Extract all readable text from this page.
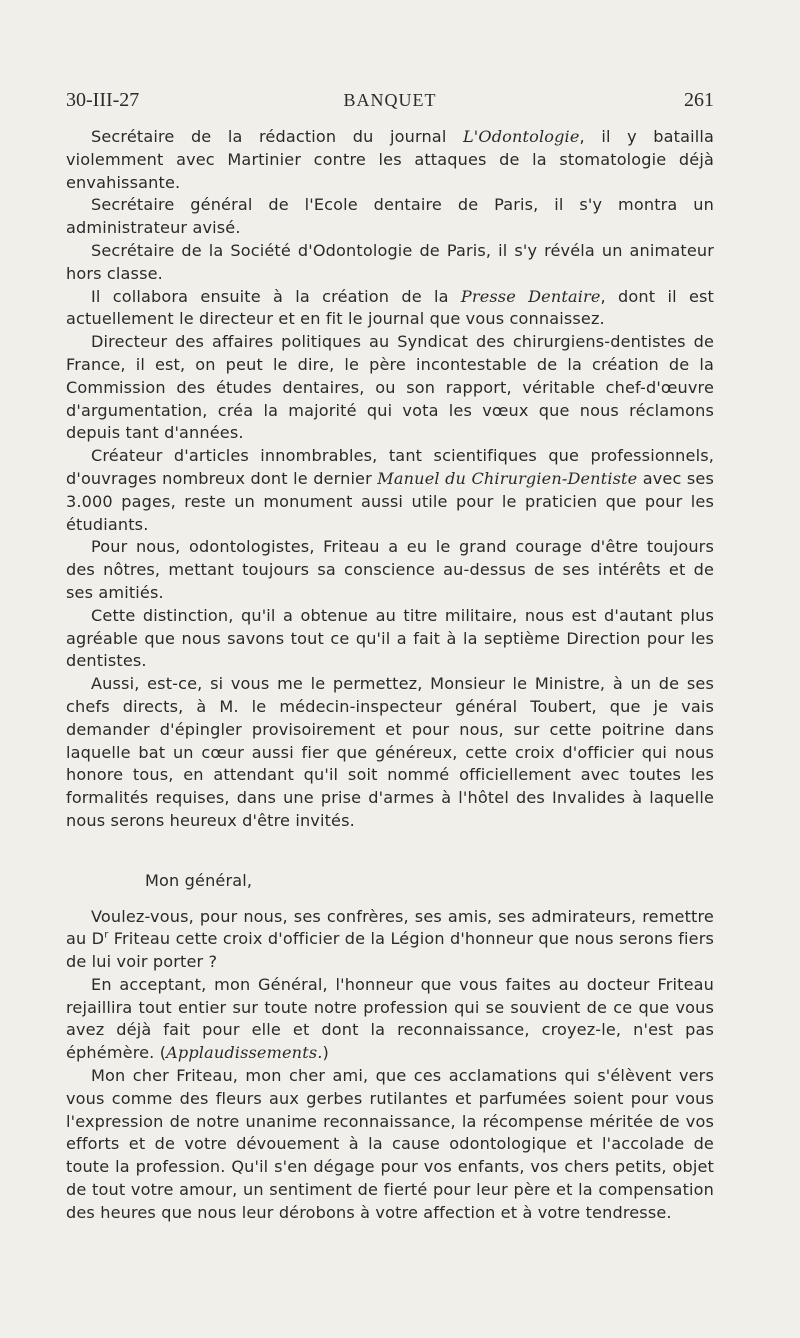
30-III-27	BANQUET	261

Secrétaire de la rédaction du journal L'Odontologie, il y batailla violemment avec Martinier contre les attaques de la stomatologie déjà envahissante.

Secrétaire général de l'Ecole dentaire de Paris, il s'y montra un administrateur avisé.

Secrétaire de la Société d'Odontologie de Paris, il s'y révéla un animateur hors classe.

Il collabora ensuite à la création de la Presse Dentaire, dont il est actuellement le directeur et en fit le journal que vous connaissez.

Directeur des affaires politiques au Syndicat des chirurgiens-dentistes de France, il est, on peut le dire, le père incontestable de la création de la Commission des études dentaires, ou son rapport, véritable chef-d'œuvre d'argumentation, créa la majorité qui vota les vœux que nous réclamons depuis tant d'années.

Créateur d'articles innombrables, tant scientifiques que professionnels, d'ouvrages nombreux dont le dernier Manuel du Chirurgien-Dentiste avec ses 3.000 pages, reste un monument aussi utile pour le praticien que pour les étudiants.

Pour nous, odontologistes, Friteau a eu le grand courage d'être toujours des nôtres, mettant toujours sa conscience au-dessus de ses intérêts et de ses amitiés.

Cette distinction, qu'il a obtenue au titre militaire, nous est d'autant plus agréable que nous savons tout ce qu'il a fait à la septième Direction pour les dentistes.

Aussi, est-ce, si vous me le permettez, Monsieur le Ministre, à un de ses chefs directs, à M. le médecin-inspecteur général Toubert, que je vais demander d'épingler provisoirement et pour nous, sur cette poitrine dans laquelle bat un cœur aussi fier que généreux, cette croix d'officier qui nous honore tous, en attendant qu'il soit nommé officiellement avec toutes les formalités requises, dans une prise d'armes à l'hôtel des Invalides à laquelle nous serons heureux d'être invités.

Mon général,

Voulez-vous, pour nous, ses confrères, ses amis, ses admirateurs, remettre au $D^r$ Friteau cette croix d'officier de la Légion d'honneur que nous serons fiers de lui voir porter ?

En acceptant, mon Général, l'honneur que vous faites au docteur Friteau rejaillira tout entier sur toute notre profession qui se souvient de ce que vous avez déjà fait pour elle et dont la reconnaissance, croyez-le, n'est pas éphémère. (Applaudissements.)

Mon cher Friteau, mon cher ami, que ces acclamations qui s'élèvent vers vous comme des fleurs aux gerbes rutilantes et parfumées soient pour vous l'expression de notre unanime reconnaissance, la récompense méritée de vos efforts et de votre dévouement à la cause odontologique et l'accolade de toute la profession. Qu'il s'en dégage pour vos enfants, vos chers petits, objet de tout votre amour, un sentiment de fierté pour leur père et la compensation des heures que nous leur dérobons à votre affection et à votre tendresse.
